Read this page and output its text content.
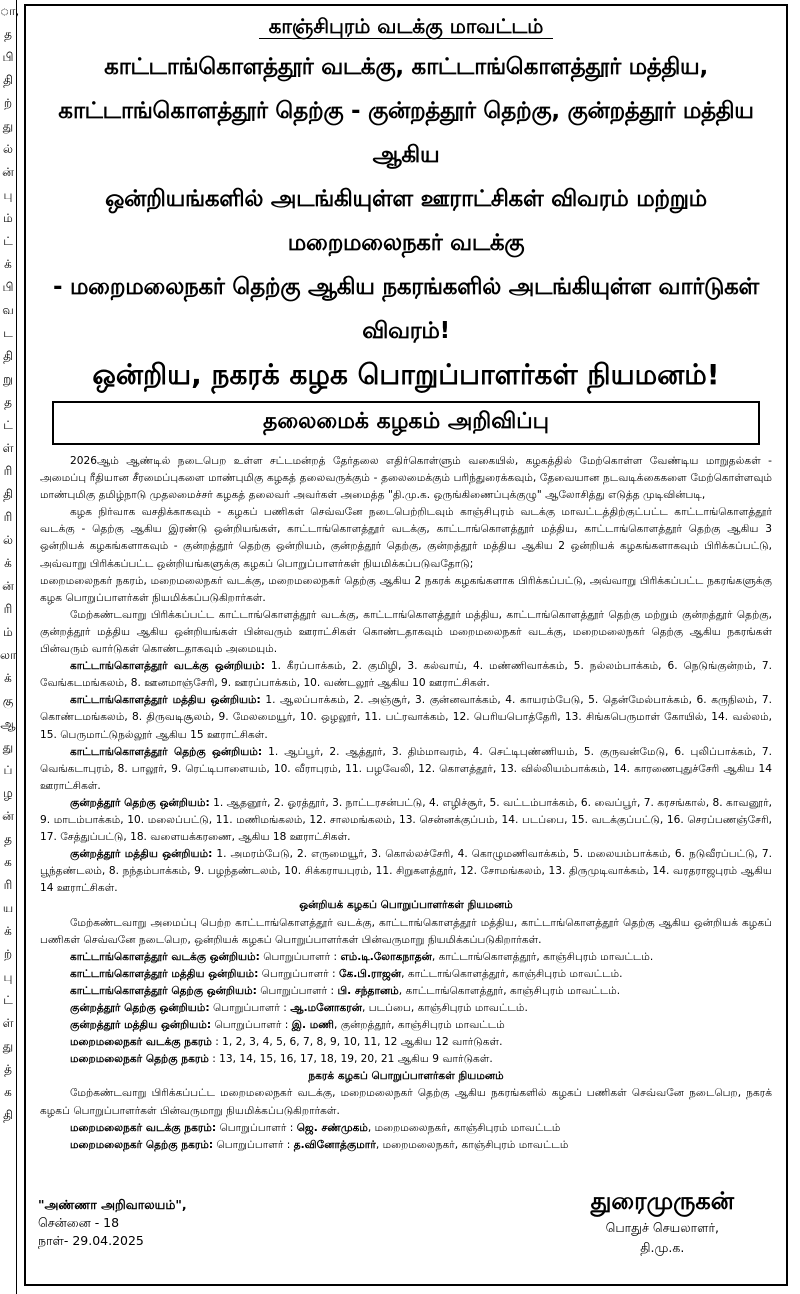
ா,
த
பி
தி
ற்
து
ல்
ன்
பு
ம்
ட்
க்
பி
வ
ட
தி
று
த
ட்
ள்
ரி
தி
ரி
ல்
க்
ன்
ரி
ம்
லா
க்
கு
ஆ
து
ப்
ழ
ன்
த
க
ரி
ய
க்
ற்
பு
ட்
ள்
து
த்
க
தி
காஞ்சிபுரம் வடக்கு மாவட்டம்
காட்டாங்கொளத்தூர் வடக்கு, காட்டாங்கொளத்தூர் மத்திய,
காட்டாங்கொளத்தூர் தெற்கு - குன்றத்தூர் தெற்கு, குன்றத்தூர் மத்திய ஆகிய
ஒன்றியங்களில் அடங்கியுள்ள ஊராட்சிகள் விவரம் மற்றும் மறைமலைநகர் வடக்கு
- மறைமலைநகர் தெற்கு ஆகிய நகரங்களில் அடங்கியுள்ள வார்டுகள் விவரம்!
ஒன்றிய, நகரக் கழக பொறுப்பாளர்கள் நியமனம்!
தலைமைக் கழகம் அறிவிப்பு

2026ஆம் ஆண்டில் நடைபெற உள்ள சட்டமன்றத் தேர்தலை எதிர்கொள்ளும் வகையில், கழகத்தில் மேற்கொள்ள வேண்டிய மாறுதல்கள் - அமைப்பு ரீதியான சீரமைப்புகளை மாண்புமிகு கழகத் தலைவருக்கும் - தலைமைக்கும் பரிந்துரைக்கவும், தேவையான நடவடிக்கைகளை மேற்கொள்ளவும் மாண்புமிகு தமிழ்நாடு முதலமைச்சர் கழகத் தலைவர் அவர்கள் அமைத்த "தி.மு.க. ஒருங்கிணைப்புக்குழு" ஆலோசித்து எடுத்த முடிவின்படி,

கழக நிர்வாக வசதிக்காகவும் - கழகப் பணிகள் செவ்வனே நடைபெற்றிடவும் காஞ்சிபுரம் வடக்கு மாவட்டத்திற்குட்பட்ட காட்டாங்கொளத்தூர் வடக்கு - தெற்கு ஆகிய இரண்டு ஒன்றியங்கள், காட்டாங்கொளத்தூர் வடக்கு, காட்டாங்கொளத்தூர் மத்திய, காட்டாங்கொளத்தூர் தெற்கு ஆகிய 3 ஒன்றியக் கழகங்களாகவும் - குன்றத்தூர் தெற்கு ஒன்றியம், குன்றத்தூர் தெற்கு, குன்றத்தூர் மத்திய ஆகிய 2 ஒன்றியக் கழகங்களாகவும் பிரிக்கப்பட்டு, அவ்வாறு பிரிக்கப்பட்ட ஒன்றியங்களுக்கு கழகப் பொறுப்பாளர்கள் நியமிக்கப்படுவதோடு;

மறைமலைநகர் நகரம், மறைமலைநகர் வடக்கு, மறைமலைநகர் தெற்கு ஆகிய 2 நகரக் கழகங்களாக பிரிக்கப்பட்டு, அவ்வாறு பிரிக்கப்பட்ட நகரங்களுக்கு கழக பொறுப்பாளர்கள் நியமிக்கப்படுகிறார்கள்.

மேற்கண்டவாறு பிரிக்கப்பட்ட காட்டாங்கொளத்தூர் வடக்கு, காட்டாங்கொளத்தூர் மத்திய, காட்டாங்கொளத்தூர் தெற்கு மற்றும் குன்றத்தூர் தெற்கு, குன்றத்தூர் மத்திய ஆகிய ஒன்றியங்கள் பின்வரும் ஊராட்சிகள் கொண்டதாகவும் மறைமலைநகர் வடக்கு, மறைமலைநகர் தெற்கு ஆகிய நகரங்கள் பின்வரும் வார்டுகள் கொண்டதாகவும் அமையும்.

காட்டாங்கொளத்தூர் வடக்கு ஒன்றியம்: 1. கீரப்பாக்கம், 2. குமிழி, 3. கல்வாய், 4. மண்ணிவாக்கம், 5. நல்லம்பாக்கம், 6. நெடுங்குன்றம், 7. வேங்கடமங்கலம், 8. ஊனமாஞ்சேரி, 9. ஊரப்பாக்கம், 10. வண்டலூர் ஆகிய 10 ஊராட்சிகள்.

காட்டாங்கொளத்தூர் மத்திய ஒன்றியம்: 1. ஆலப்பாக்கம், 2. அஞ்சூர், 3. குன்னவாக்கம், 4. காயரம்பேடு, 5. தென்மேல்பாக்கம், 6. கருநிலம், 7. கொண்டமங்கலம், 8. திருவடிசூலம், 9. மேலமையூர், 10. ஒழலூர், 11. பட்ரவாக்கம், 12. பெரியபொத்தேரி, 13. சிங்கபெருமாள் கோயில், 14. வல்லம், 15. பெருமாட்டுநல்லூர் ஆகிய 15 ஊராட்சிகள்.

காட்டாங்கொளத்தூர் தெற்கு ஒன்றியம்: 1. ஆப்பூர், 2. ஆத்தூர், 3. திம்மாவரம், 4. செட்டிபுண்ணியம், 5. குருவன்மேடு, 6. புலிப்பாக்கம், 7. வெங்கடாபுரம், 8. பாலூர், 9. ரெட்டிபாளையம், 10. வீராபுரம், 11. பழவேலி, 12. கொளத்தூர், 13. வில்லியம்பாக்கம், 14. காரணைபுதுச்சேரி ஆகிய 14 ஊராட்சிகள்.

குன்றத்தூர் தெற்கு ஒன்றியம்: 1. ஆதனூர், 2. ஓரத்தூர், 3. நாட்டரசன்பட்டு, 4. எழிச்சூர், 5. வட்டம்பாக்கம், 6. வைப்பூர், 7. கரசங்கால், 8. காவனூர், 9. மாடம்பாக்கம், 10. மலைப்பட்டு, 11. மணிமங்கலம், 12. சாலமங்கலம், 13. சென்னக்குப்பம், 14. படப்பை, 15. வடக்குப்பட்டு, 16. செரப்பணஞ்சேரி, 17. சேத்துப்பட்டு, 18. வளையக்கரணை, ஆகிய 18 ஊராட்சிகள்.

குன்றத்தூர் மத்திய ஒன்றியம்: 1. அமரம்பேடு, 2. எருமையூர், 3. கொல்லச்சேரி, 4. கொழுமணிவாக்கம், 5. மலையம்பாக்கம், 6. நடுவீரப்பட்டு, 7. பூந்தண்டலம், 8. நந்தம்பாக்கம், 9. பழந்தண்டலம், 10. சிக்கராயபுரம், 11. சிறுகளத்தூர், 12. சோமங்கலம், 13. திருமுடிவாக்கம், 14. வரதராஜபுரம் ஆகிய 14 ஊராட்சிகள்.

ஒன்றியக் கழகப் பொறுப்பாளர்கள் நியமனம்

மேற்கண்டவாறு அமைப்பு பெற்ற காட்டாங்கொளத்தூர் வடக்கு, காட்டாங்கொளத்தூர் மத்திய, காட்டாங்கொளத்தூர் தெற்கு ஆகிய ஒன்றியக் கழகப் பணிகள் செவ்வனே நடைபெற, ஒன்றியக் கழகப் பொறுப்பாளர்கள் பின்வருமாறு நியமிக்கப்படுகிறார்கள்.

காட்டாங்கொளத்தூர் வடக்கு ஒன்றியம்: பொறுப்பாளர் : எம்.டி.லோகநாதன், காட்டாங்கொளத்தூர், காஞ்சிபுரம் மாவட்டம்.

காட்டாங்கொளத்தூர் மத்திய ஒன்றியம்: பொறுப்பாளர் : கே.பி.ராஜன், காட்டாங்கொளத்தூர், காஞ்சிபுரம் மாவட்டம்.

காட்டாங்கொளத்தூர் தெற்கு ஒன்றியம்: பொறுப்பாளர் : பி. சந்தானம், காட்டாங்கொளத்தூர், காஞ்சிபுரம் மாவட்டம்.

குன்றத்தூர் தெற்கு ஒன்றியம்: பொறுப்பாளர் : ஆ.மனோகரன், படப்பை, காஞ்சிபுரம் மாவட்டம்.

குன்றத்தூர் மத்திய ஒன்றியம்: பொறுப்பாளர் : இ. மணி, குன்றத்தூர், காஞ்சிபுரம் மாவட்டம்

மறைமலைநகர் வடக்கு நகரம் : 1, 2, 3, 4, 5, 6, 7, 8, 9, 10, 11, 12 ஆகிய 12 வார்டுகள்.

மறைமலைநகர் தெற்கு நகரம் : 13, 14, 15, 16, 17, 18, 19, 20, 21 ஆகிய 9 வார்டுகள்.

நகரக் கழகப் பொறுப்பாளர்கள் நியமனம்

மேற்கண்டவாறு பிரிக்கப்பட்ட மறைமலைநகர் வடக்கு, மறைமலைநகர் தெற்கு ஆகிய நகரங்களில் கழகப் பணிகள் செவ்வனே நடைபெற, நகரக் கழகப் பொறுப்பாளர்கள் பின்வருமாறு நியமிக்கப்படுகிறார்கள்.

மறைமலைநகர் வடக்கு நகரம்: பொறுப்பாளர் : ஜெ. சண்முகம், மறைமலைநகர், காஞ்சிபுரம் மாவட்டம்

மறைமலைநகர் தெற்கு நகரம்: பொறுப்பாளர் : த.வினோத்குமார், மறைமலைநகர், காஞ்சிபுரம் மாவட்டம்

"அண்ணா அறிவாலயம்",
சென்னை - 18
நாள்- 29.04.2025
துரைமுருகன்
பொதுச் செயலாளர்,
தி.மு.க.
